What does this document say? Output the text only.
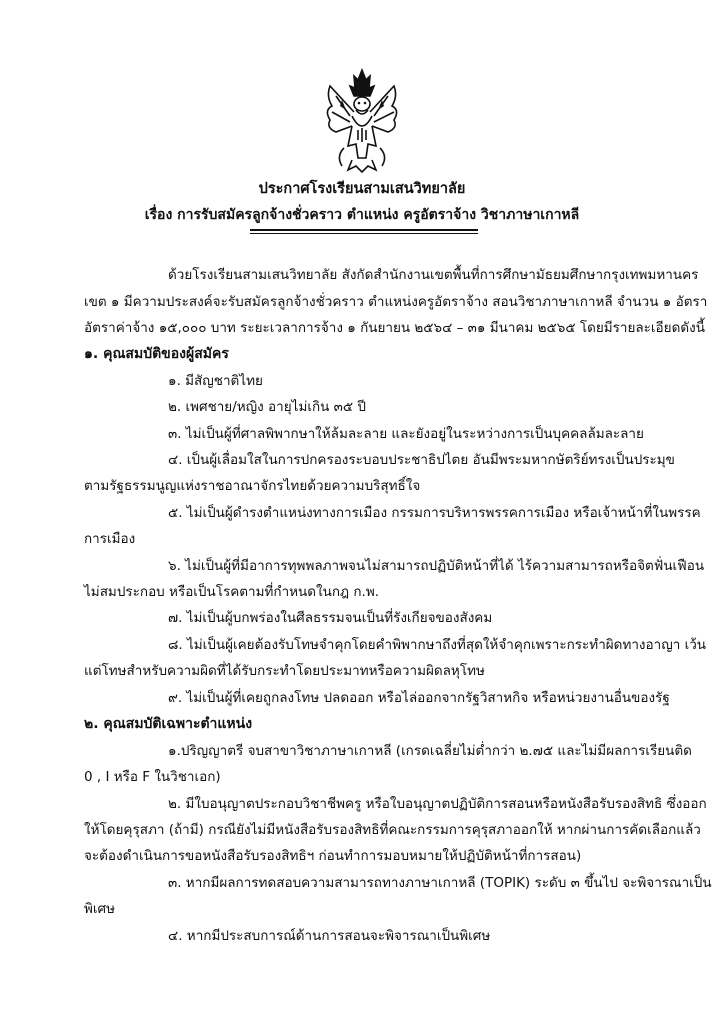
ประกาศโรงเรียนสามเสนวิทยาลัย
เรื่อง การรับสมัครลูกจ้างชั่วคราว ตำแหน่ง ครูอัตราจ้าง วิชาภาษาเกาหลี
ด้วยโรงเรียนสามเสนวิทยาลัย สังกัดสำนักงานเขตพื้นที่การศึกษามัธยมศึกษากรุงเทพมหานคร
เขต ๑ มีความประสงค์จะรับสมัครลูกจ้างชั่วคราว ตำแหน่งครูอัตราจ้าง สอนวิชาภาษาเกาหลี จำนวน ๑ อัตรา
อัตราค่าจ้าง ๑๕,๐๐๐ บาท ระยะเวลาการจ้าง ๑ กันยายน ๒๕๖๔ – ๓๑ มีนาคม ๒๕๖๕ โดยมีรายละเอียดดังนี้
๑. คุณสมบัติของผู้สมัคร
๑. มีสัญชาติไทย
๒. เพศชาย/หญิง อายุไม่เกิน ๓๕ ปี
๓. ไม่เป็นผู้ที่ศาลพิพากษาให้ล้มละลาย และยังอยู่ในระหว่างการเป็นบุคคลล้มละลาย
๔. เป็นผู้เลื่อมใสในการปกครองระบอบประชาธิปไตย อันมีพระมหากษัตริย์ทรงเป็นประมุข
ตามรัฐธรรมนูญแห่งราชอาณาจักรไทยด้วยความบริสุทธิ์ใจ
๕. ไม่เป็นผู้ดำรงตำแหน่งทางการเมือง กรรมการบริหารพรรคการเมือง หรือเจ้าหน้าที่ในพรรค
การเมือง
๖. ไม่เป็นผู้ที่มีอาการทุพพลภาพจนไม่สามารถปฏิบัติหน้าที่ได้ ไร้ความสามารถหรือจิตฟั่นเฟือน
ไม่สมประกอบ หรือเป็นโรคตามที่กำหนดในกฎ ก.พ.
๗. ไม่เป็นผู้บกพร่องในศีลธรรมจนเป็นที่รังเกียจของสังคม
๘. ไม่เป็นผู้เคยต้องรับโทษจำคุกโดยคำพิพากษาถึงที่สุดให้จำคุกเพราะกระทำผิดทางอาญา เว้น
แต่โทษสำหรับความผิดที่ได้รับกระทำโดยประมาทหรือความผิดลหุโทษ
๙. ไม่เป็นผู้ที่เคยถูกลงโทษ ปลดออก หรือไล่ออกจากรัฐวิสาหกิจ หรือหน่วยงานอื่นของรัฐ
๒. คุณสมบัติเฉพาะตำแหน่ง
๑.ปริญญาตรี จบสาขาวิชาภาษาเกาหลี (เกรดเฉลี่ยไม่ต่ำกว่า ๒.๗๕ และไม่มีผลการเรียนติด
0 , I หรือ F ในวิชาเอก)
๒. มีใบอนุญาตประกอบวิชาชีพครู หรือใบอนุญาตปฏิบัติการสอนหรือหนังสือรับรองสิทธิ ซึ่งออก
ให้โดยคุรุสภา (ถ้ามี) กรณียังไม่มีหนังสือรับรองสิทธิที่คณะกรรมการคุรุสภาออกให้ หากผ่านการคัดเลือกแล้ว
จะต้องดำเนินการขอหนังสือรับรองสิทธิฯ ก่อนทำการมอบหมายให้ปฏิบัติหน้าที่การสอน)
๓. หากมีผลการทดสอบความสามารถทางภาษาเกาหลี (TOPIK) ระดับ ๓ ขึ้นไป จะพิจารณาเป็น
พิเศษ
๔. หากมีประสบการณ์ด้านการสอนจะพิจารณาเป็นพิเศษ
